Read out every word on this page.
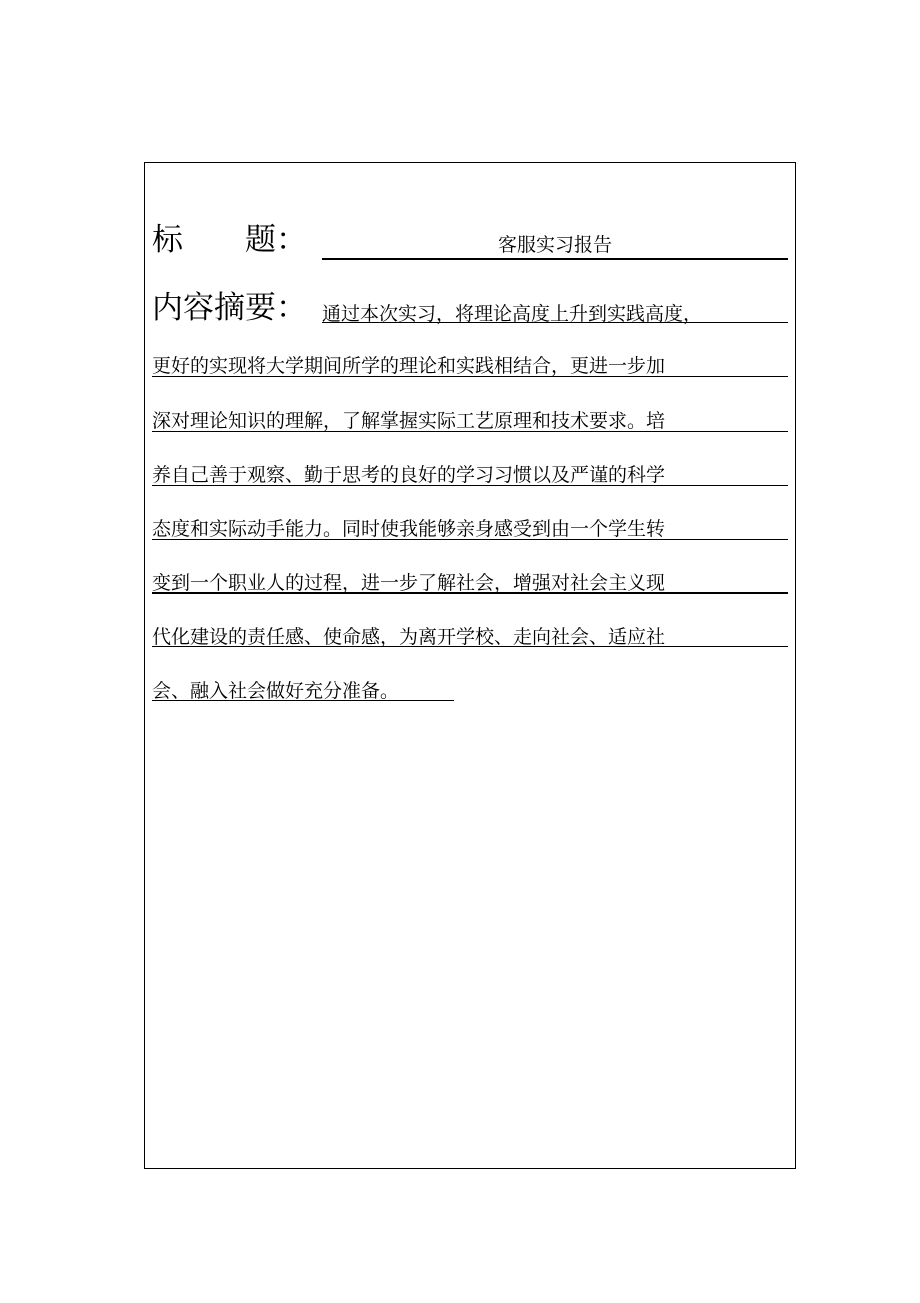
标　　题：	客服实习报告
内容摘要： 通过本次实习，将理论高度上升到实践高度，
更好的实现将大学期间所学的理论和实践相结合，更进一步加
深对理论知识的理解，了解掌握实际工艺原理和技术要求。培
养自己善于观察、勤于思考的良好的学习习惯以及严谨的科学
态度和实际动手能力。同时使我能够亲身感受到由一个学生转
变到一个职业人的过程，进一步了解社会，增强对社会主义现
代化建设的责任感、使命感，为离开学校、走向社会、适应社
会、融入社会做好充分准备。
